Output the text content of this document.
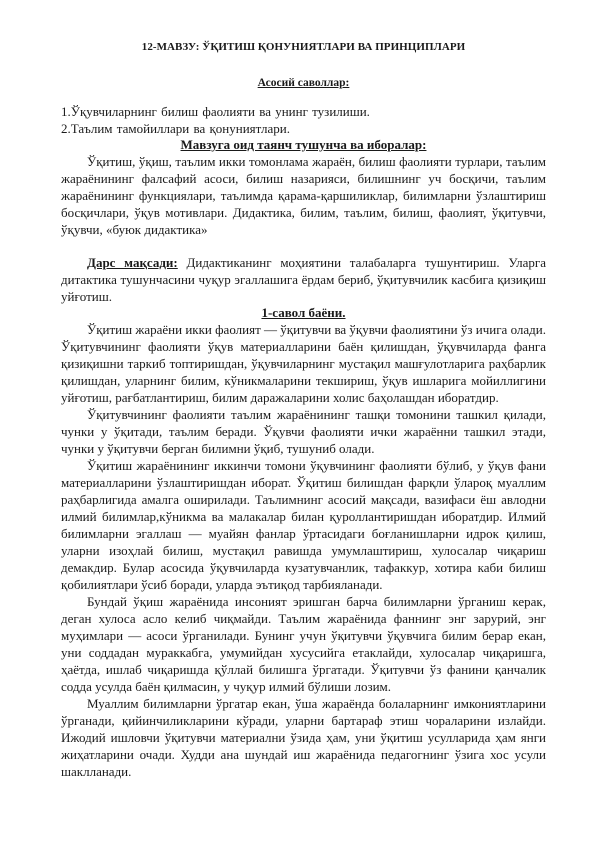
12-МАВЗУ: ЎҚИТИШ ҚОНУНИЯТЛАРИ ВА ПРИНЦИПЛАРИ

Асосий саволлар:

1.Ўқувчиларнинг билиш фаолияти ва унинг тузилиши.

2.Таълим тамойиллари ва қонуниятлари.

Мавзуга оид таянч тушунча ва иборалар:

Ўқитиш, ўқиш, таълим икки томонлама жараён, билиш фаолияти турлари, таълим жараёнининг фалсафий асоси, билиш назарияси, билишнинг уч босқичи, таълим жараёнининг функциялари, таълимда қарама-қаршиликлар, билимларни ўзлаштириш босқичлари, ўқув мотивлари. Дидактика, билим, таълим, билиш, фаолият, ўқитувчи, ўқувчи, «буюк дидактика»

Дарс мақсади: Дидактиканинг моҳиятини талабаларга тушунтириш. Уларга дитактика тушунчасини чуқур эгаллашига ёрдам бериб, ўқитувчилик касбига қизиқиш уйғотиш.

1-савол баёни.

Ўқитиш жараёни икки фаолият — ўқитувчи ва ўқувчи фаолиятини ўз ичига олади. Ўқитувчининг фаолияти ўқув материалларини баён қилишдан, ўқувчиларда фанга қизиқишни таркиб топтиришдан, ўқувчиларнинг мустақил машғулотларига раҳбарлик қилишдан, уларнинг билим, кўникмаларини текшириш, ўқув ишларига мойиллигини уйғотиш, рағбатлантириш, билим даражаларини холис баҳолашдан иборатдир.

Ўқитувчининг фаолияти таълим жараёнининг ташқи томонини ташкил қилади, чунки у ўқитади, таълим беради. Ўқувчи фаолияти ички жараённи ташкил этади, чунки у ўқитувчи берган билимни ўқиб, тушуниб олади.

Ўқитиш жараёнининг иккинчи томони ўқувчининг фаолияти бўлиб, у ўқув фани материалларини ўзлаштиришдан иборат. Ўқитиш билишдан фарқли ўлароқ муаллим раҳбарлигида амалга оширилади. Таълимнинг асосий мақсади, вазифаси ёш авлодни илмий билимлар,кўникма ва малакалар билан қуроллантиришдан иборатдир. Илмий билимларни эгаллаш — муайян фанлар ўртасидаги боғланишларни идрок қилиш, уларни изоҳлай билиш, мустақил равишда умумлаштириш, хулосалар чиқариш демакдир. Булар асосида ўқувчиларда кузатувчанлик, тафаккур, хотира каби билиш қобилиятлари ўсиб боради, уларда эътиқод тарбияланади.

Бундай ўқиш жараёнида инсоният эришган барча билимларни ўрганиш керак, деган хулоса асло келиб чиқмайди. Таълим жараёнида фаннинг энг зарурий, энг муҳимлари — асоси ўрганилади. Бунинг учун ўқитувчи ўқувчига билим берар екан, уни соддадан мураккабга, умумийдан хусусийга етаклайди, хулосалар чиқаришга, ҳаётда, ишлаб чиқаришда қўллай билишга ўргатади. Ўқитувчи ўз фанини қанчалик содда усулда баён қилмасин, у чуқур илмий бўлиши лозим.

Муаллим билимларни ўргатар екан, ўша жараёнда болаларнинг имкониятларини ўрганади, қийинчиликларини кўради, уларни бартараф этиш чораларини излайди. Ижодий ишловчи ўқитувчи материални ўзида ҳам, уни ўқитиш усулларида ҳам янги жиҳатларини очади. Худди ана шундай иш жараёнида педагогнинг ўзига хос усули шаклланади.
